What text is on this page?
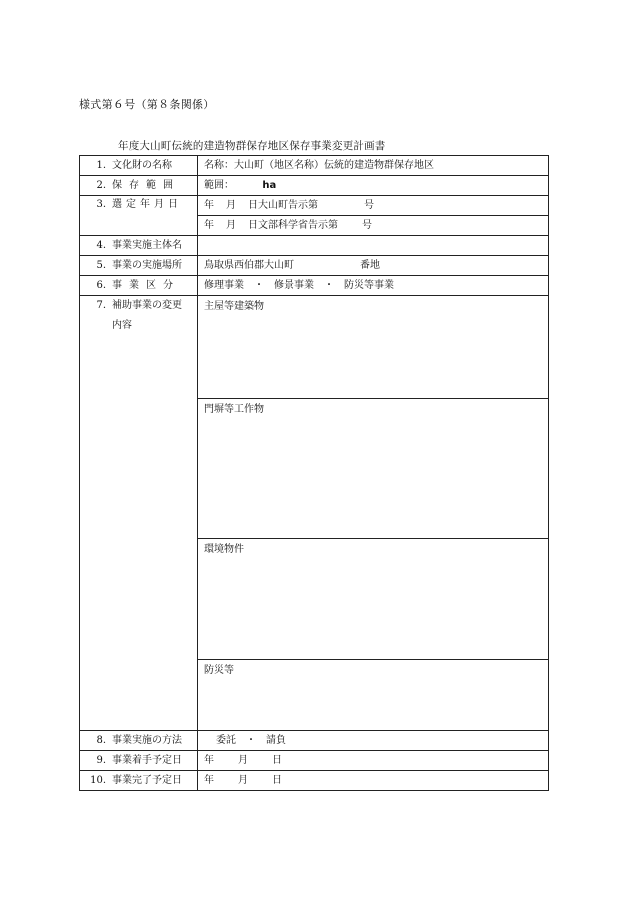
様式第６号（第８条関係）
年度大山町伝統的建造物群保存地区保存事業変更計画書
1. 文化財の名称	名称：大山町（地区名称）伝統的建造物群保存地区
2. 保存範囲	範囲： ha
3. 選定年月日	年 月 日大山町告示第 号
	年 月 日文部科学省告示第 号
4. 事業実施主体名	
5. 事業の実施場所	鳥取県西伯郡大山町 番地
6. 事業区分	修理事業　・　修景事業　・　防災等事業
7. 補助事業の変更
内容	主屋等建築物
	門塀等工作物
	環境物件
	防災等
8. 事業実施の方法	委託　・　請負
9. 事業着手予定日	年 月 日
10. 事業完了予定日	年 月 日
